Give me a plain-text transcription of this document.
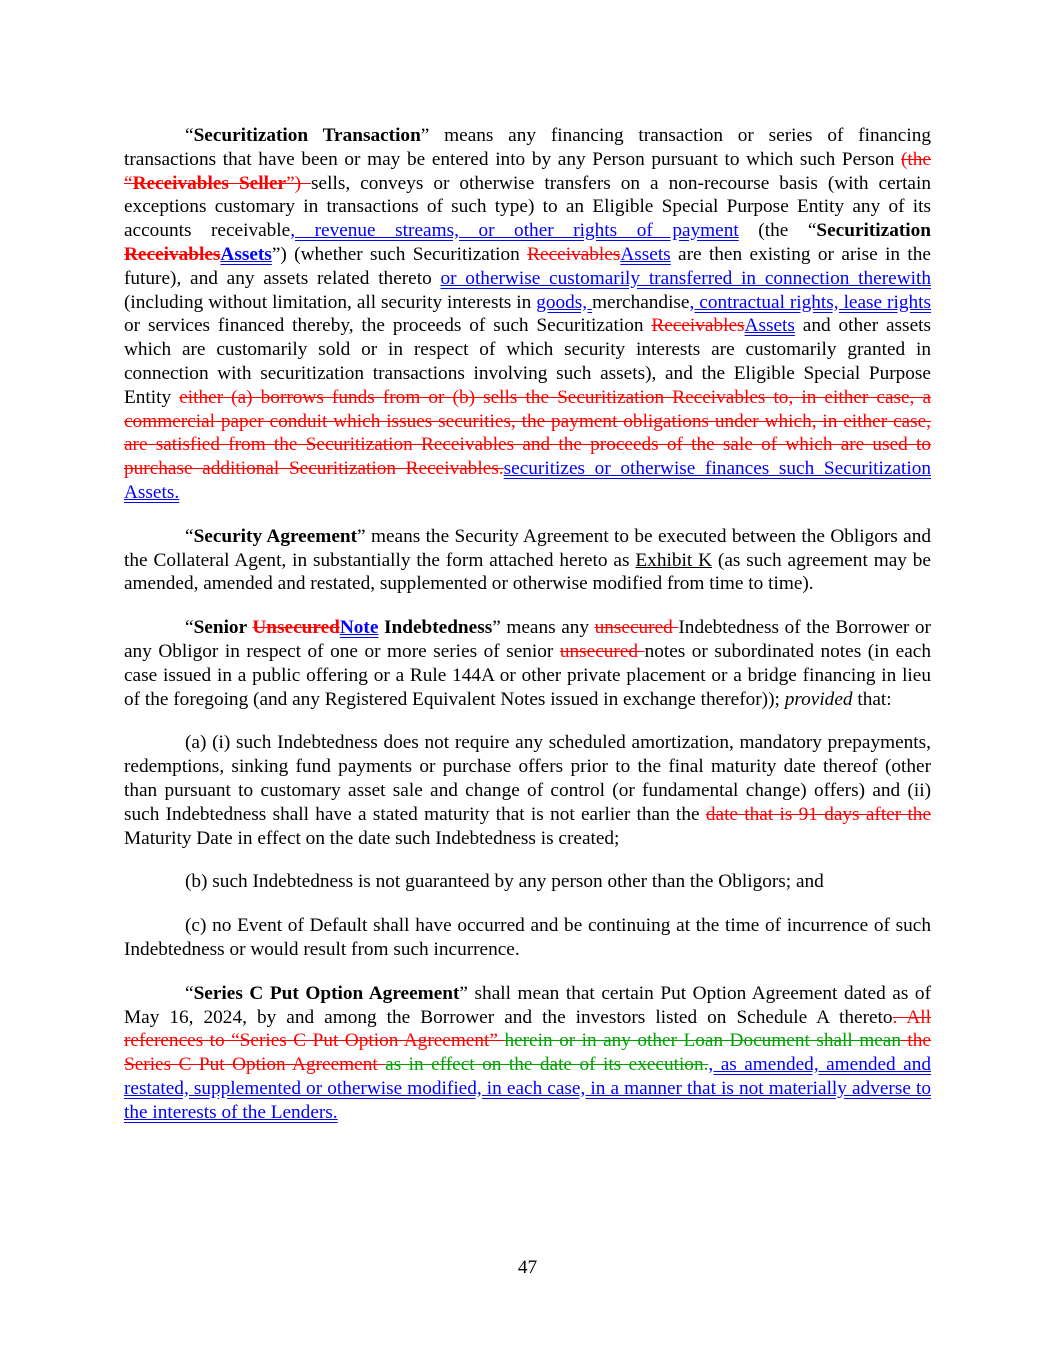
“Securitization Transaction” means any financing transaction or series of financing transactions that have been or may be entered into by any Person pursuant to which such Person (the “Receivables Seller”) sells, conveys or otherwise transfers on a non-recourse basis (with certain exceptions customary in transactions of such type) to an Eligible Special Purpose Entity any of its accounts receivable, revenue streams, or other rights of payment (the “Securitization ReceivablesAssets”) (whether such Securitization ReceivablesAssets are then existing or arise in the future), and any assets related thereto or otherwise customarily transferred in connection therewith (including without limitation, all security interests in goods, merchandise, contractual rights, lease rights or services financed thereby, the proceeds of such Securitization ReceivablesAssets and other assets which are customarily sold or in respect of which security interests are customarily granted in connection with securitization transactions involving such assets), and the Eligible Special Purpose Entity either (a) borrows funds from or (b) sells the Securitization Receivables to, in either case, a commercial paper conduit which issues securities, the payment obligations under which, in either case, are satisfied from the Securitization Receivables and the proceeds of the sale of which are used to purchase additional Securitization Receivables.securitizes or otherwise finances such Securitization Assets.

“Security Agreement” means the Security Agreement to be executed between the Obligors and the Collateral Agent, in substantially the form attached hereto as Exhibit K (as such agreement may be amended, amended and restated, supplemented or otherwise modified from time to time).

“Senior UnsecuredNote Indebtedness” means any unsecured Indebtedness of the Borrower or any Obligor in respect of one or more series of senior unsecured notes or subordinated notes (in each case issued in a public offering or a Rule 144A or other private placement or a bridge financing in lieu of the foregoing (and any Registered Equivalent Notes issued in exchange therefor)); provided that:

(a) (i) such Indebtedness does not require any scheduled amortization, mandatory prepayments, redemptions, sinking fund payments or purchase offers prior to the final maturity date thereof (other than pursuant to customary asset sale and change of control (or fundamental change) offers) and (ii) such Indebtedness shall have a stated maturity that is not earlier than the date that is 91 days after the Maturity Date in effect on the date such Indebtedness is created;

(b) such Indebtedness is not guaranteed by any person other than the Obligors; and

(c) no Event of Default shall have occurred and be continuing at the time of incurrence of such Indebtedness or would result from such incurrence.

“Series C Put Option Agreement” shall mean that certain Put Option Agreement dated as of May 16, 2024, by and among the Borrower and the investors listed on Schedule A thereto. All references to “Series C Put Option Agreement” herein or in any other Loan Document shall mean the Series C Put Option Agreement as in effect on the date of its execution., as amended, amended and restated, supplemented or otherwise modified, in each case, in a manner that is not materially adverse to the interests of the Lenders.

47
